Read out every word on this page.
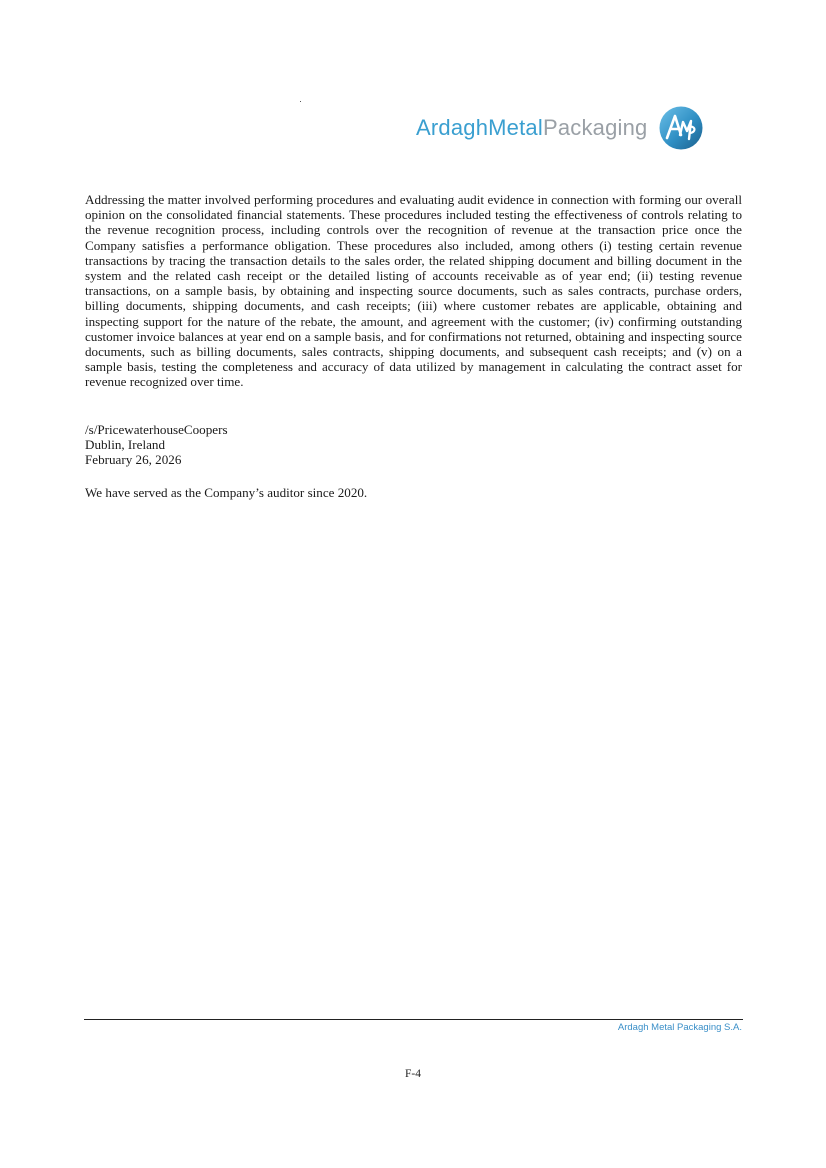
ArdaghMetalPackaging

Addressing the matter involved performing procedures and evaluating audit evidence in connection with forming our overall opinion on the consolidated financial statements. These procedures included testing the effectiveness of controls relating to the revenue recognition process, including controls over the recognition of revenue at the transaction price once the Company satisfies a performance obligation. These procedures also included, among others (i) testing certain revenue transactions by tracing the transaction details to the sales order, the related shipping document and billing document in the system and the related cash receipt or the detailed listing of accounts receivable as of year end; (ii) testing revenue transactions, on a sample basis, by obtaining and inspecting source documents, such as sales contracts, purchase orders, billing documents, shipping documents, and cash receipts; (iii) where customer rebates are applicable, obtaining and inspecting support for the nature of the rebate, the amount, and agreement with the customer; (iv) confirming outstanding customer invoice balances at year end on a sample basis, and for confirmations not returned, obtaining and inspecting source documents, such as billing documents, sales contracts, shipping documents, and subsequent cash receipts; and (v) on a sample basis, testing the completeness and accuracy of data utilized by management in calculating the contract asset for revenue recognized over time.

/s/PricewaterhouseCoopers
Dublin, Ireland
February 26, 2026
We have served as the Company’s auditor since 2020.
Ardagh Metal Packaging S.A.
F-4
